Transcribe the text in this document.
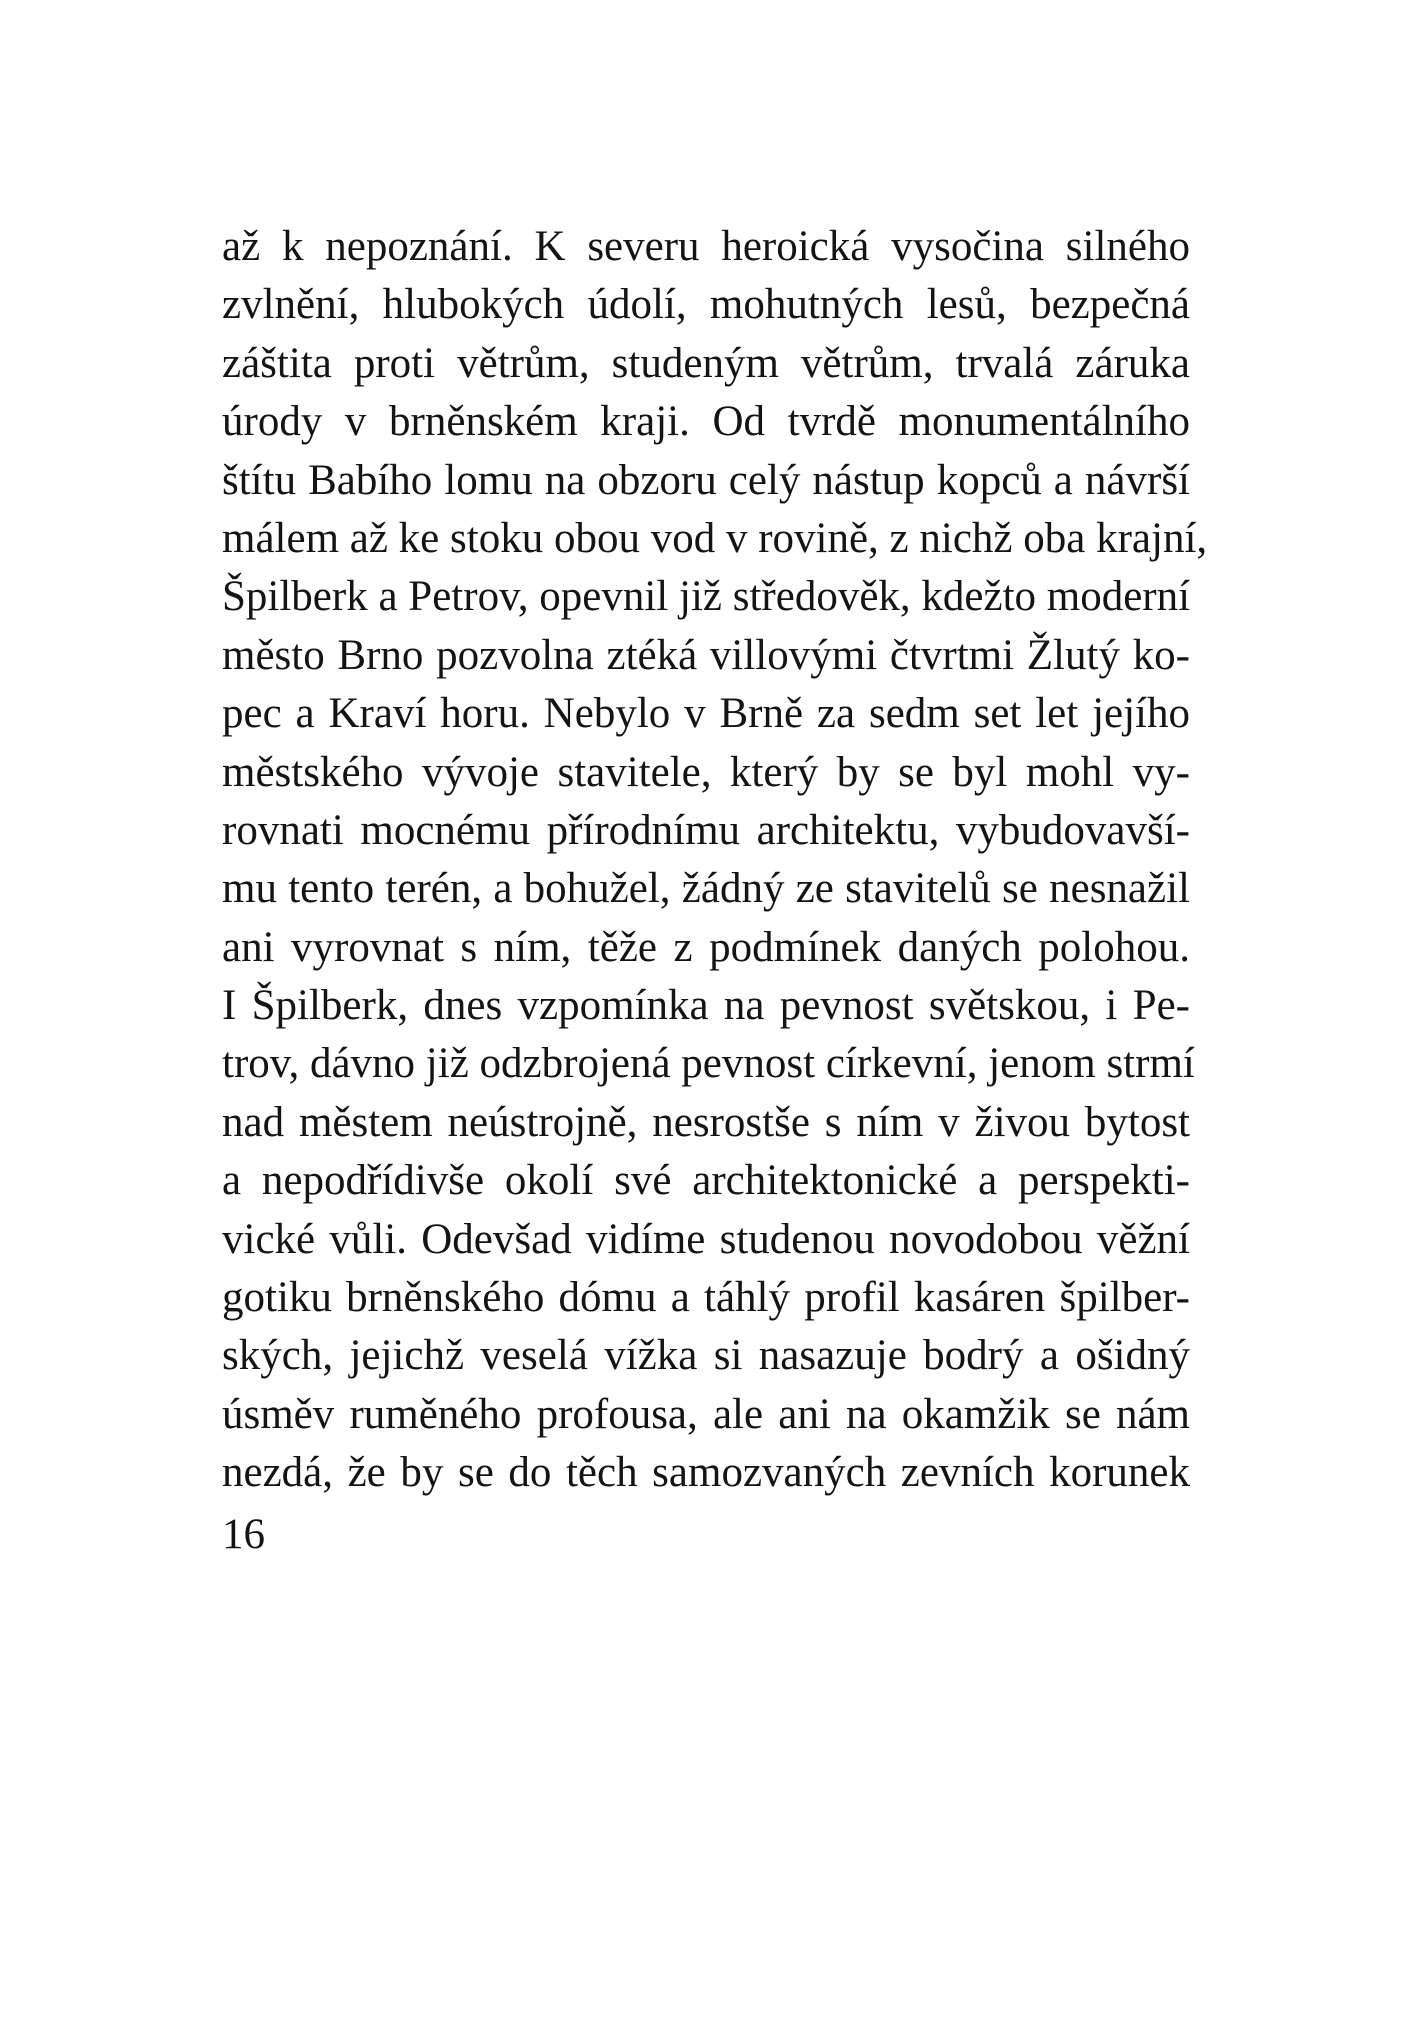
až k nepoznání. K severu heroická vysočina silného
zvlnění, hlubokých údolí, mohutných lesů, bezpečná
záštita proti větrům, studeným větrům, trvalá záruka
úrody v brněnském kraji. Od tvrdě monumentálního
štítu Babího lomu na obzoru celý nástup kopců a návrší
málem až ke stoku obou vod v rovině, z nichž oba krajní,
Špilberk a Petrov, opevnil již středověk, kdežto moderní
město Brno pozvolna ztéká villovými čtvrtmi Žlutý ko-
pec a Kraví horu. Nebylo v Brně za sedm set let jejího
městského vývoje stavitele, který by se byl mohl vy-
rovnati mocnému přírodnímu architektu, vybudovavší-
mu tento terén, a bohužel, žádný ze stavitelů se nesnažil
ani vyrovnat s ním, těže z podmínek daných polohou.
I Špilberk, dnes vzpomínka na pevnost světskou, i Pe-
trov, dávno již odzbrojená pevnost církevní, jenom strmí
nad městem neústrojně, nesrostše s ním v živou bytost
a nepodřídivše okolí své architektonické a perspekti-
vické vůli. Odevšad vidíme studenou novodobou věžní
gotiku brněnského dómu a táhlý profil kasáren špilber-
ských, jejichž veselá vížka si nasazuje bodrý a ošidný
úsměv ruměného profousa, ale ani na okamžik se nám
nezdá, že by se do těch samozvaných zevních korunek
16
